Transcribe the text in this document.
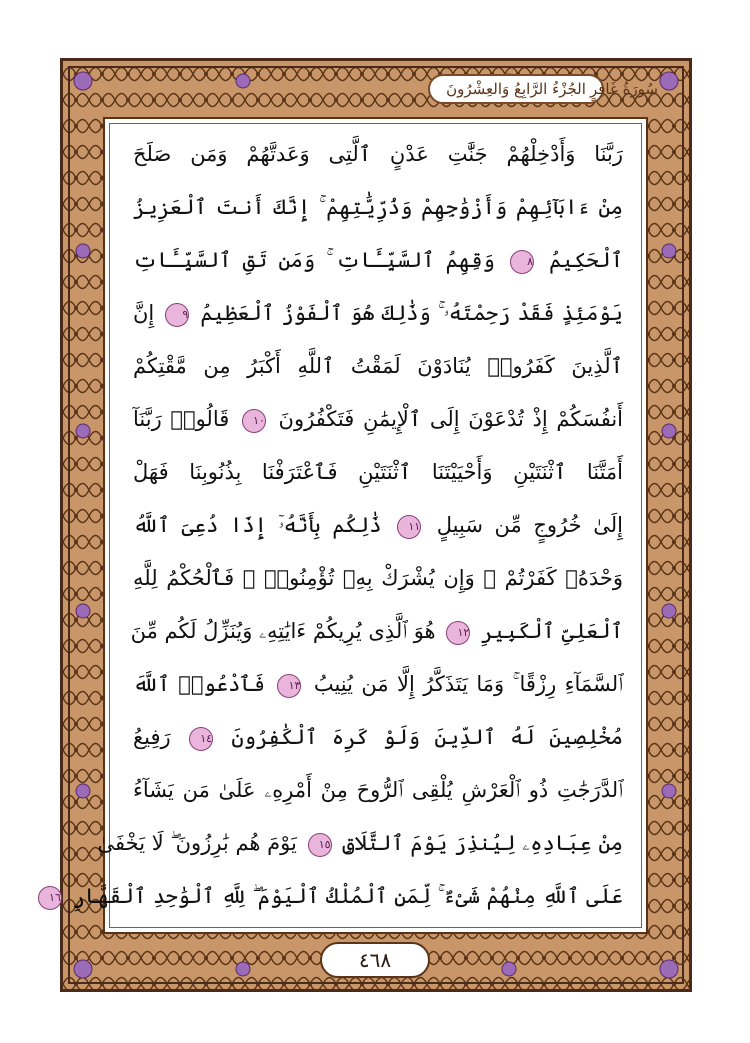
الجُزْءُ الرَّابِعُ وَالعِشْرُونَ سُورَةُ غَافِرٍ
رَبَّنَا وَأَدْخِلْهُمْ جَنَّٰتِ عَدْنٍ ٱلَّتِى وَعَدتَّهُمْ وَمَن صَلَحَ
مِنْ ءَابَآئِهِمْ وَأَزْوَٰجِهِمْ وَذُرِّيَّٰتِهِمْ ۚ إِنَّكَ أَنتَ ٱلْعَزِيزُ
ٱلْحَكِيمُ ٨ وَقِهِمُ ٱلسَّيِّـَٔاتِ ۚ وَمَن تَقِ ٱلسَّيِّـَٔاتِ
يَوْمَئِذٍ فَقَدْ رَحِمْتَهُۥ ۚ وَذَٰلِكَ هُوَ ٱلْفَوْزُ ٱلْعَظِيمُ ٩ إِنَّ
ٱلَّذِينَ كَفَرُوا۟ يُنَادَوْنَ لَمَقْتُ ٱللَّهِ أَكْبَرُ مِن مَّقْتِكُمْ
أَنفُسَكُمْ إِذْ تُدْعَوْنَ إِلَى ٱلْإِيمَٰنِ فَتَكْفُرُونَ ١٠ قَالُوا۟ رَبَّنَآ
أَمَتَّنَا ٱثْنَتَيْنِ وَأَحْيَيْتَنَا ٱثْنَتَيْنِ فَٱعْتَرَفْنَا بِذُنُوبِنَا فَهَلْ
إِلَىٰ خُرُوجٍ مِّن سَبِيلٍ ١١ ذَٰلِكُم بِأَنَّهُۥٓ إِذَا دُعِىَ ٱللَّهُ
وَحْدَهُۥ كَفَرْتُمْ ۖ وَإِن يُشْرَكْ بِهِۦ تُؤْمِنُوا۟ ۚ فَٱلْحُكْمُ لِلَّهِ
ٱلْعَلِىِّ ٱلْكَبِيرِ ١٢ هُوَ ٱلَّذِى يُرِيكُمْ ءَايَٰتِهِۦ وَيُنَزِّلُ لَكُم مِّنَ
ٱلسَّمَآءِ رِزْقًا ۚ وَمَا يَتَذَكَّرُ إِلَّا مَن يُنِيبُ ١٣ فَٱدْعُوا۟ ٱللَّهَ
مُخْلِصِينَ لَهُ ٱلدِّينَ وَلَوْ كَرِهَ ٱلْكَٰفِرُونَ ١٤ رَفِيعُ
ٱلدَّرَجَٰتِ ذُو ٱلْعَرْشِ يُلْقِى ٱلرُّوحَ مِنْ أَمْرِهِۦ عَلَىٰ مَن يَشَآءُ
مِنْ عِبَادِهِۦ لِيُنذِرَ يَوْمَ ٱلتَّلَاقِ ١٥ يَوْمَ هُم بَٰرِزُونَ ۖ لَا يَخْفَىٰ
عَلَى ٱللَّهِ مِنْهُمْ شَىْءٌ ۚ لِّمَنِ ٱلْمُلْكُ ٱلْيَوْمَ ۖ لِلَّهِ ٱلْوَٰحِدِ ٱلْقَهَّارِ ١٦
٤٦٨
